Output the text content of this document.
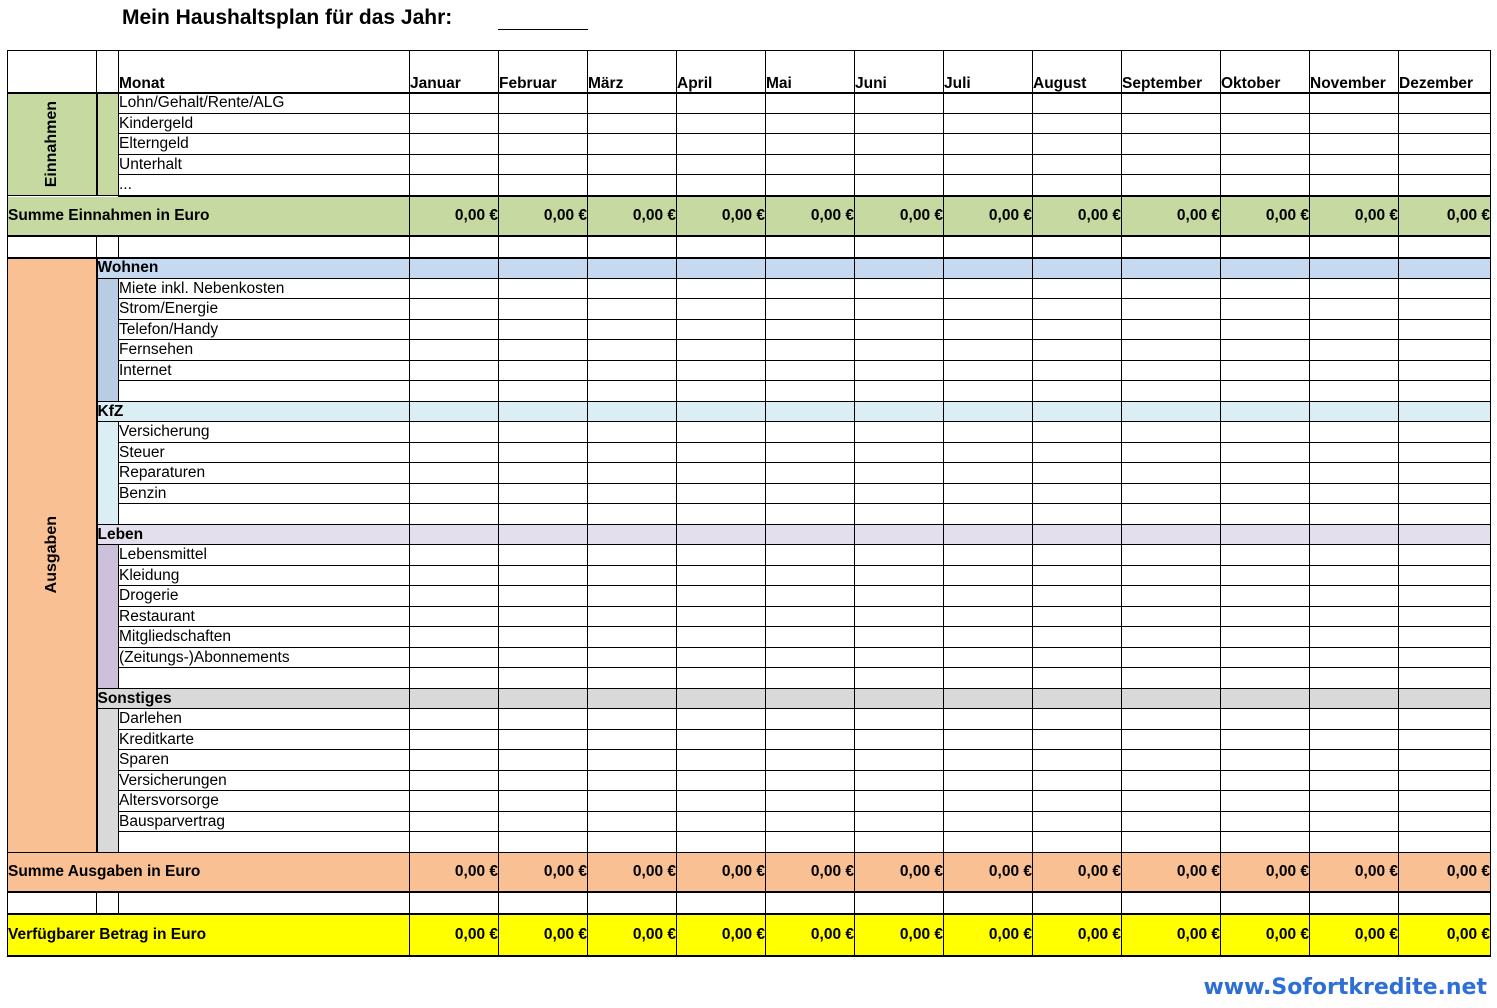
Mein Haushaltsplan für das Jahr:
		Monat	Januar	Februar	März	April	Mai	Juni	Juli	August	September	Oktober	November	Dezember

Einnahmen		Lohn/Gehalt/Rente/ALG												
		Kindergeld												
		Elterngeld												
		Unterhalt												
		...												
Summe Einnahmen in Euro			0,00 €	0,00 €	0,00 €	0,00 €	0,00 €	0,00 €	0,00 €	0,00 €	0,00 €	0,00 €	0,00 €	0,00 €

Ausgaben	Wohnen													
		Miete inkl. Nebenkosten												
		Strom/Energie												
		Telefon/Handy												
		Fernsehen												
		Internet												

	KfZ													
		Versicherung												
		Steuer												
		Reparaturen												
		Benzin												

	Leben													
		Lebensmittel												
		Kleidung												
		Drogerie												
		Restaurant												
		Mitgliedschaften												
		(Zeitungs-)Abonnements												

	Sonstiges													
		Darlehen												
		Kreditkarte												
		Sparen												
		Versicherungen												
		Altersvorsorge												
		Bausparvertrag												

Summe Ausgaben in Euro			0,00 €	0,00 €	0,00 €	0,00 €	0,00 €	0,00 €	0,00 €	0,00 €	0,00 €	0,00 €	0,00 €	0,00 €

Verfügbarer Betrag in Euro			0,00 €	0,00 €	0,00 €	0,00 €	0,00 €	0,00 €	0,00 €	0,00 €	0,00 €	0,00 €	0,00 €	0,00 €
www.Sofortkredite.net
